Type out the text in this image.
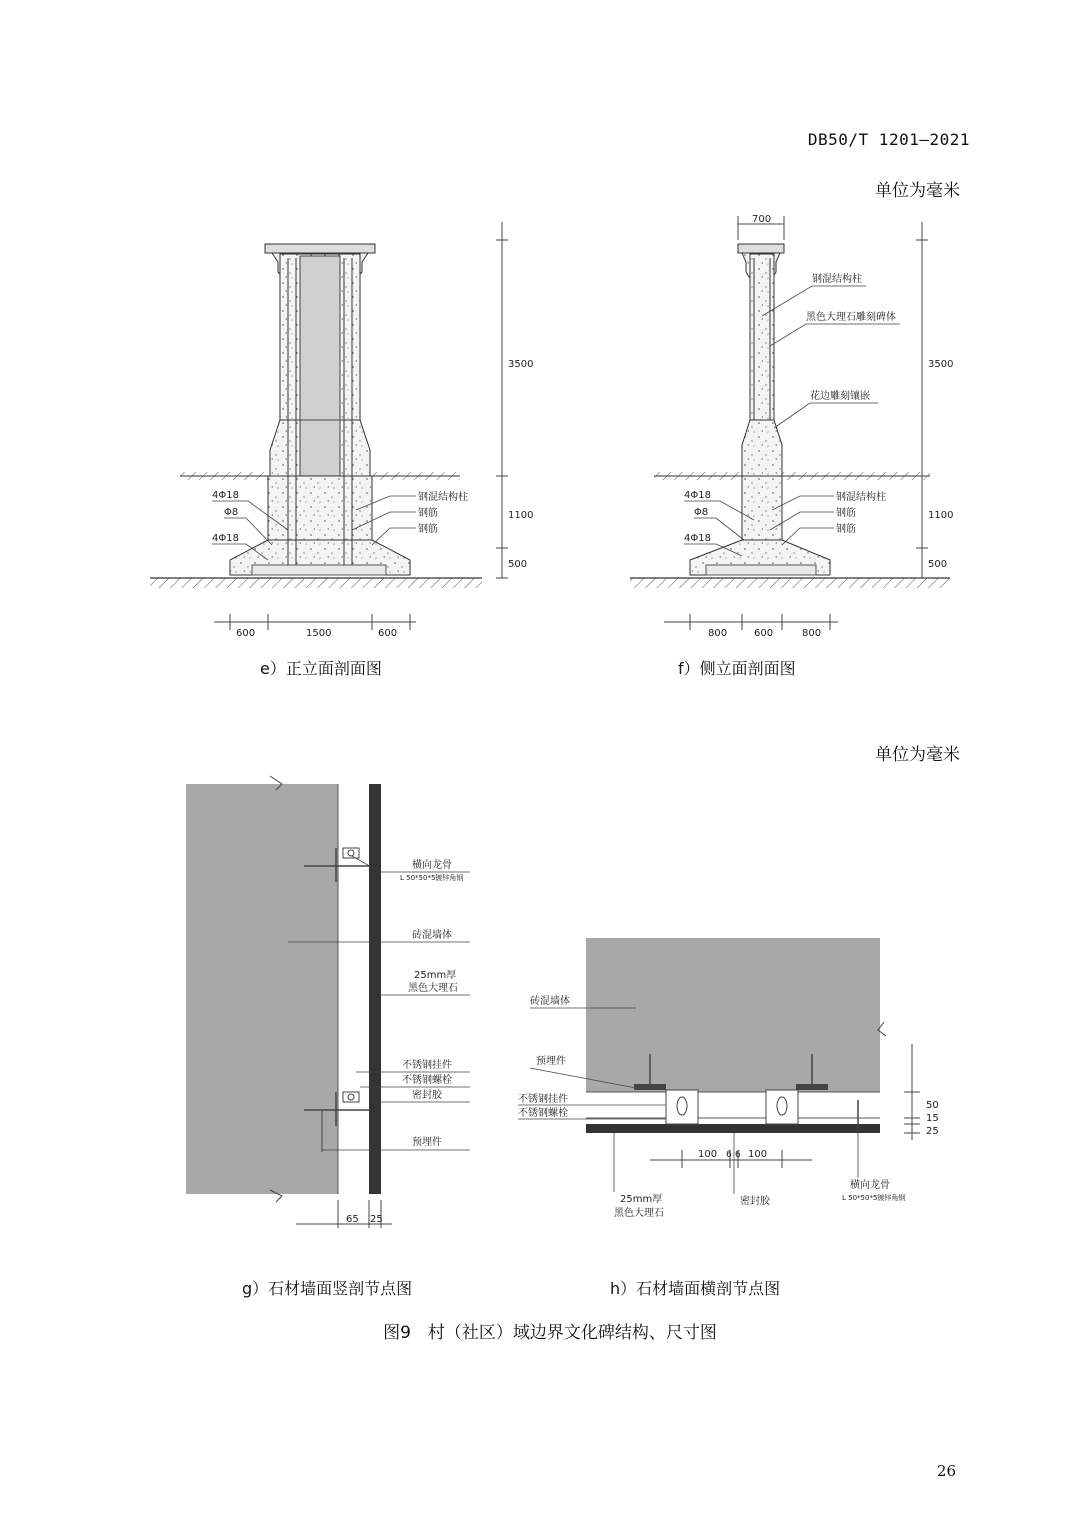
DB50/T 1201—2021
单位为毫米
单位为毫米
3500
1100
500
600	1500	600
4Φ18
Φ8
4Φ18
钢混结构柱
钢筋
钢筋
700
3500
1100
500
800	600	800
钢混结构柱
黑色大理石雕刻碑体
花边雕刻镶嵌
4Φ18
Φ8
4Φ18
钢混结构柱
钢筋
钢筋
横向龙骨
L 50*50*5镀锌角钢
砖混墙体
25mm厚
黑色大理石
不锈钢挂件
不锈钢螺栓
密封胶
预埋件
65 25
砖混墙体
预埋件
不锈钢挂件
不锈钢螺栓
25mm厚
黑色大理石
密封胶
横向龙骨
L 50*50*5镀锌角钢
100 6 6 100
50
15
25
e）正立面剖面图	f）侧立面剖面图
g）石材墙面竖剖节点图	h）石材墙面横剖节点图
图9　村（社区）域边界文化碑结构、尺寸图
26
